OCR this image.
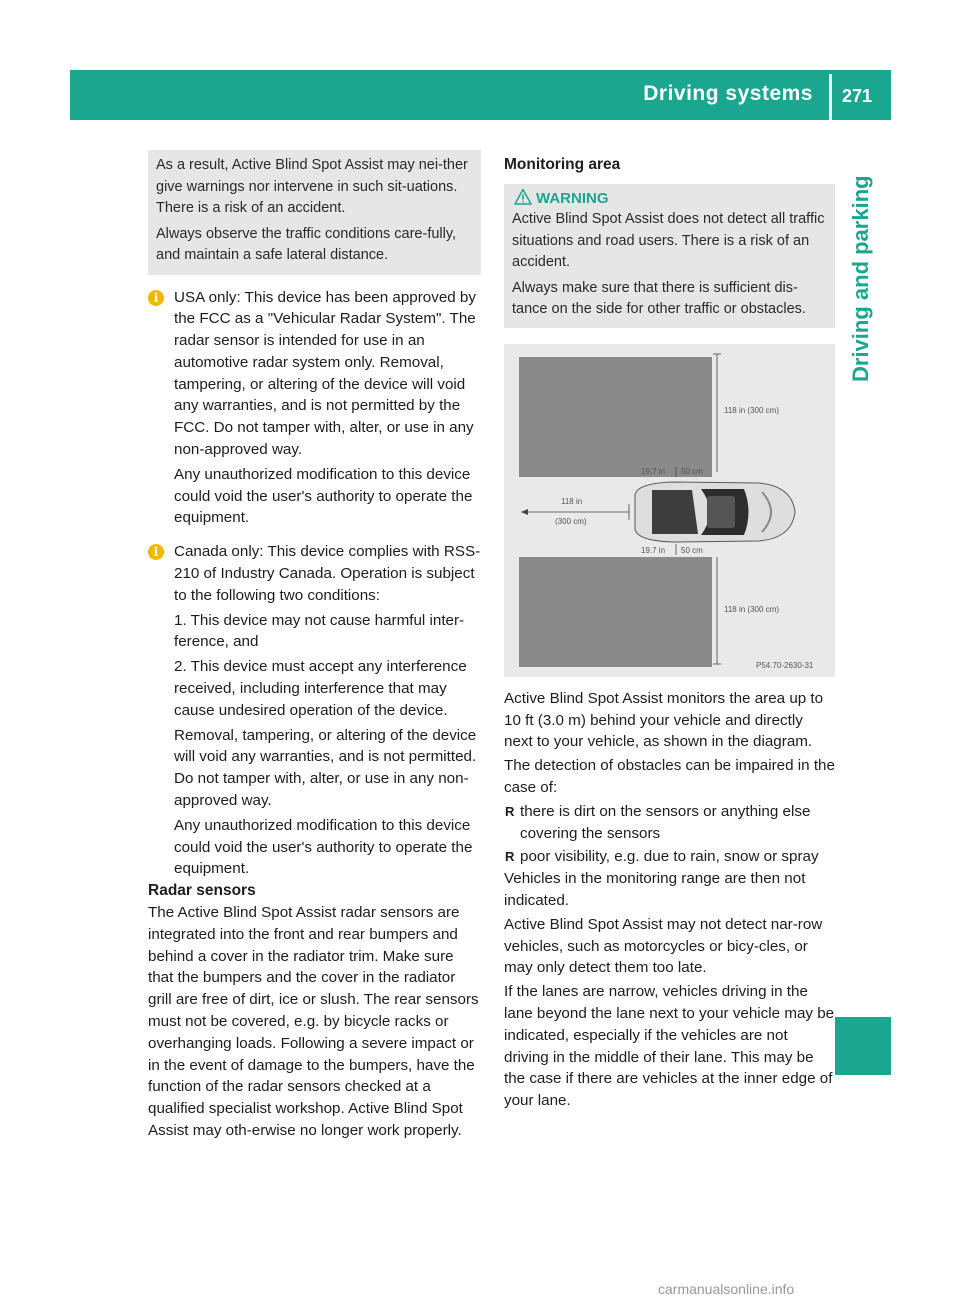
Driving systems 271
Driving and parking

As a result, Active Blind Spot Assist may nei-ther give warnings nor intervene in such sit-uations. There is a risk of an accident.

Always observe the traffic conditions care-fully, and maintain a safe lateral distance.

i	USA only: This device has been approved by the FCC as a "Vehicular Radar System". The radar sensor is intended for use in an automotive radar system only. Removal, tampering, or altering of the device will void any warranties, and is not permitted by the FCC. Do not tamper with, alter, or use in any non-approved way.

Any unauthorized modification to this device could void the user's authority to operate the equipment.

i	Canada only: This device complies with RSS-210 of Industry Canada. Operation is subject to the following two conditions:

1. This device may not cause harmful inter-ference, and

2. This device must accept any interference received, including interference that may cause undesired operation of the device.

Removal, tampering, or altering of the device will void any warranties, and is not permitted. Do not tamper with, alter, or use in any non-approved way.

Any unauthorized modification to this device could void the user's authority to operate the equipment.

Radar sensors

The Active Blind Spot Assist radar sensors are integrated into the front and rear bumpers and behind a cover in the radiator trim. Make sure that the bumpers and the cover in the radiator grill are free of dirt, ice or slush. The rear sensors must not be covered, e.g. by bicycle racks or overhanging loads. Following a severe impact or in the event of damage to the bumpers, have the function of the radar sensors checked at a qualified specialist workshop. Active Blind Spot Assist may oth-erwise no longer work properly.

Monitoring area

WARNING

Active Blind Spot Assist does not detect all traffic situations and road users. There is a risk of an accident.

Always make sure that there is sufficient dis-tance on the side for other traffic or obstacles.

118 in (300 cm)
19.7 in 50 cm
118 in
(300 cm)
19.7 in 50 cm
118 in (300 cm)
P54.70-2630-31

Active Blind Spot Assist monitors the area up to 10 ft (3.0 m) behind your vehicle and directly next to your vehicle, as shown in the diagram.

The detection of obstacles can be impaired in the case of:

R there is dirt on the sensors or anything else covering the sensors
R poor visibility, e.g. due to rain, snow or spray

Vehicles in the monitoring range are then not indicated.

Active Blind Spot Assist may not detect nar-row vehicles, such as motorcycles or bicy-cles, or may only detect them too late.

If the lanes are narrow, vehicles driving in the lane beyond the lane next to your vehicle may be indicated, especially if the vehicles are not driving in the middle of their lane. This may be the case if there are vehicles at the inner edge of your lane.

carmanualsonline.info
